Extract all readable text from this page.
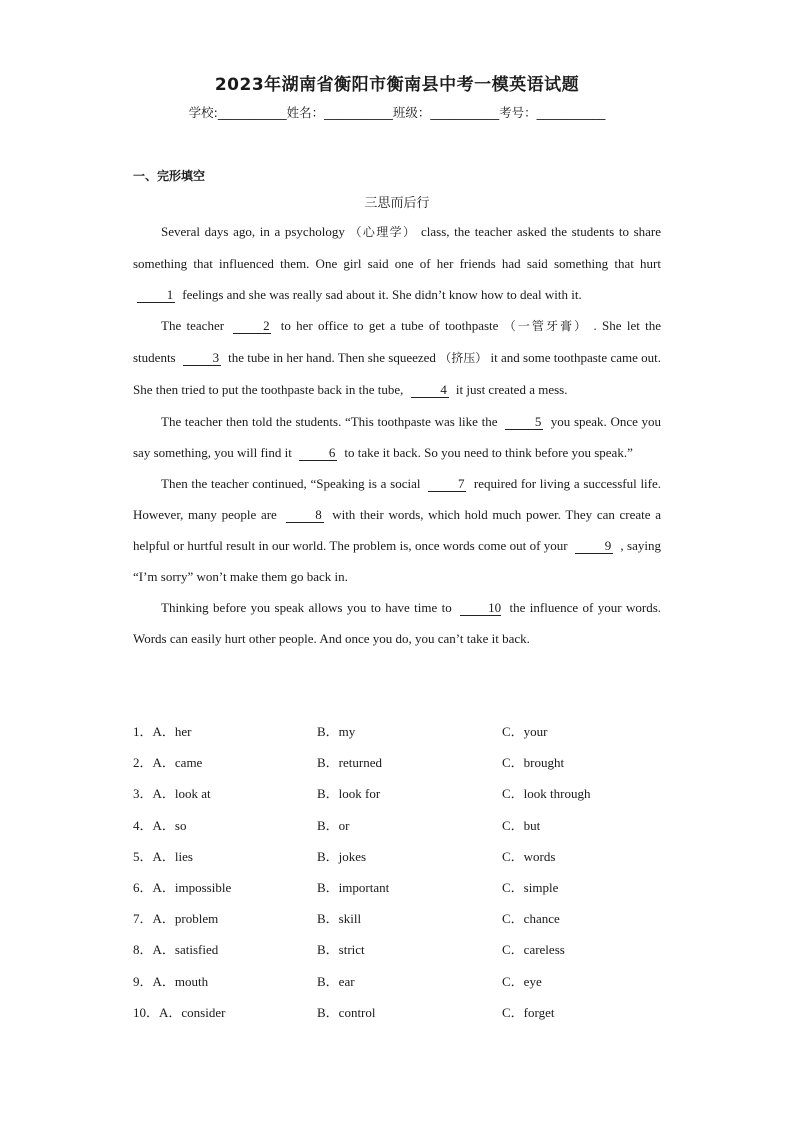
2023年湖南省衡阳市衡南县中考一模英语试题
学校:___________姓名：___________班级：___________考号：___________
一、完形填空
三思而后行

Several days ago, in a psychology （心理学） class, the teacher asked the students to share something that influenced them. One girl said one of her friends had said something that hurt 1 feelings and she was really sad about it. She didn’t know how to deal with it.

The teacher	2 to her office to get a tube of toothpaste （一管牙膏） . She let the students	3 the tube in her hand. Then she squeezed （挤压） it and some toothpaste came out. She then tried to put the toothpaste back in the tube,	4 it just created a mess.

The teacher then told the students. “This toothpaste was like the	5 you speak. Once you say something, you will find it	6 to take it back. So you need to think before you speak.”

Then the teacher continued, “Speaking is a social	7 required for living a successful life. However, many people are	8 with their words, which hold much power. They can create a helpful or hurtful result in our world. The problem is, once words come out of your	9 , saying “I’m sorry” won’t make them go back in.

Thinking before you speak allows you to have time to	10 the influence of your words. Words can easily hurt other people. And once you do, you can’t take it back.

1．A．her	B．my	C．your
2．A．came	B．returned	C．brought
3．A．look at	B．look for	C．look through
4．A．so	B．or	C．but
5．A．lies	B．jokes	C．words
6．A．impossible	B．important	C．simple
7．A．problem	B．skill	C．chance
8．A．satisfied	B．strict	C．careless
9．A．mouth	B．ear	C．eye
10．A．consider	B．control	C．forget
